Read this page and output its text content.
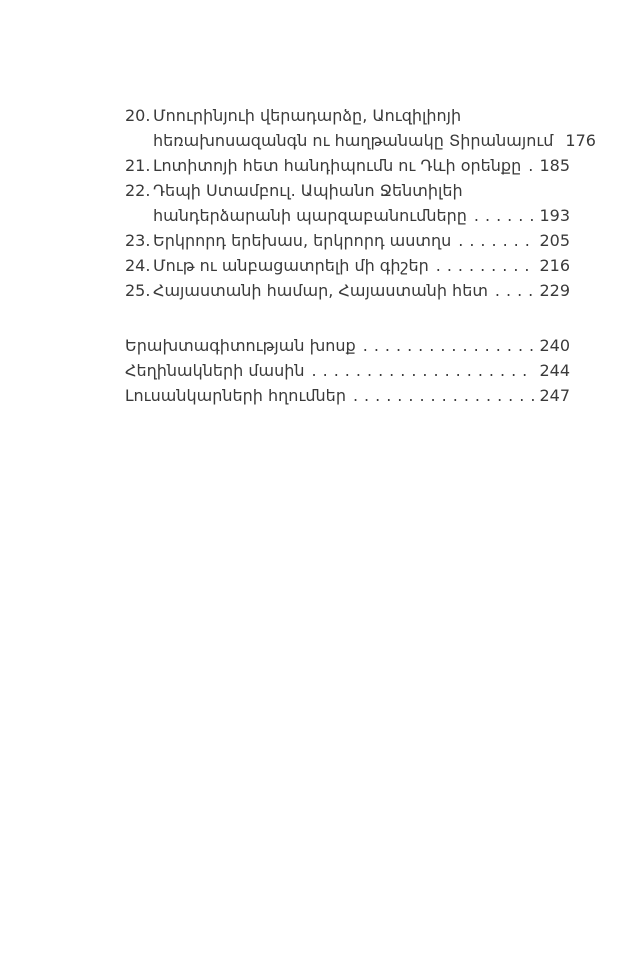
20. Մոուրինյուի վերադարձը, Աուզիլիոյի
հեռախոսազանգն ու հաղթանակը Տիրանայում 176
21. Լոտիտոյի հետ հանդիպումն ու Դևի օրենքը ..... 185
22. Դեպի Ստամբուլ. Ապիանո Ջենտիլեի
հանդերձարանի պարզաբանումները .....	193
23. Երկրորդ երեխաս, երկրորդ աստղս .....	205
24. Մութ ու անբացատրելի մի գիշեր .....	216
25. Հայաստանի համար, Հայաստանի հետ .....	229
Երախտագիտության խոսք .....	240
Հեղինակների մասին .....	244
Լուսանկարների հղումներ .....	247
